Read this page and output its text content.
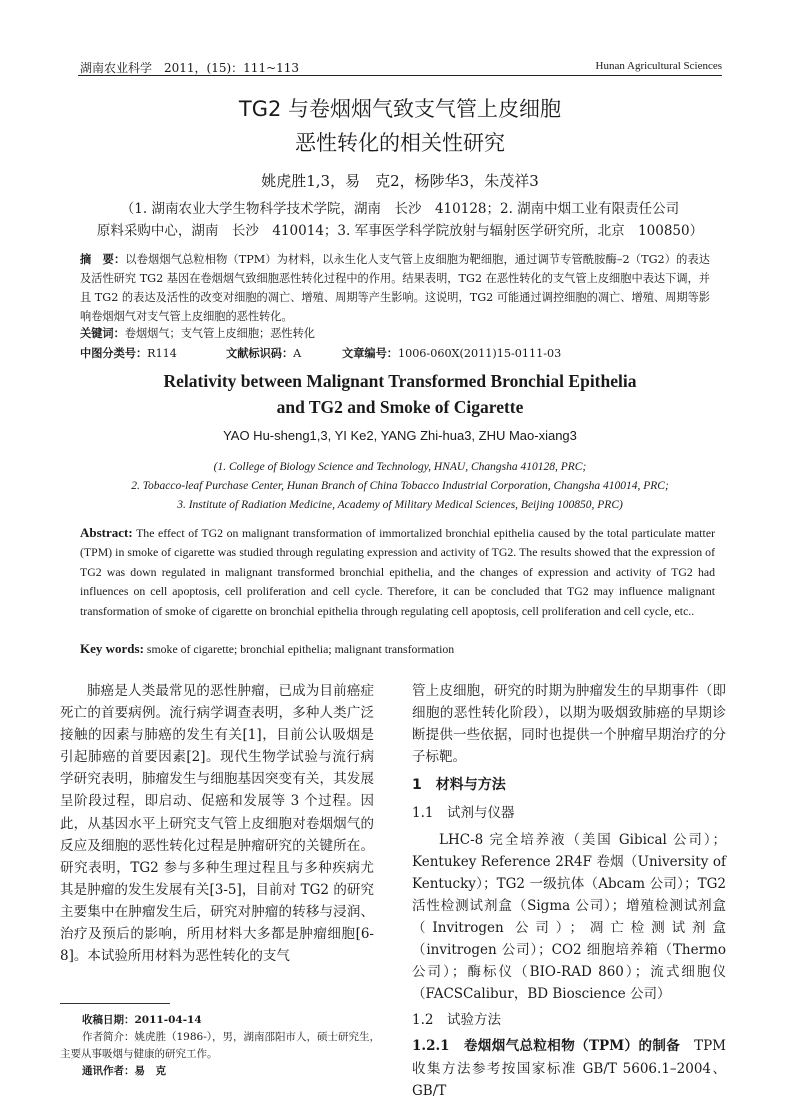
湖南农业科学　2011，(15)：111~113	Hunan Agricultural Sciences
TG2 与卷烟烟气致支气管上皮细胞
恶性转化的相关性研究
姚虎胜1,3，易　克2，杨陟华3，朱茂祥3
（1. 湖南农业大学生物科学技术学院，湖南　长沙　410128；2. 湖南中烟工业有限责任公司
原料采购中心，湖南　长沙　410014；3. 军事医学科学院放射与辐射医学研究所，北京　100850）
摘　要：以卷烟烟气总粒相物（TPM）为材料，以永生化人支气管上皮细胞为靶细胞，通过调节专管酰胺酶–2（TG2）的表达及活性研究 TG2 基因在卷烟烟气致细胞恶性转化过程中的作用。结果表明，TG2 在恶性转化的支气管上皮细胞中表达下调，并且 TG2 的表达及活性的改变对细胞的凋亡、增殖、周期等产生影响。这说明，TG2 可能通过调控细胞的凋亡、增殖、周期等影响卷烟烟气对支气管上皮细胞的恶性转化。
关键词：卷烟烟气；支气管上皮细胞；恶性转化
中图分类号：R114	文献标识码：A	文章编号：1006-060X(2011)15-0111-03
Relativity between Malignant Transformed Bronchial Epithelia
and TG2 and Smoke of Cigarette
YAO Hu-sheng1,3, YI Ke2, YANG Zhi-hua3, ZHU Mao-xiang3
(1. College of Biology Science and Technology, HNAU, Changsha 410128, PRC;
2. Tobacco-leaf Purchase Center, Hunan Branch of China Tobacco Industrial Corporation, Changsha 410014, PRC;
3. Institute of Radiation Medicine, Academy of Military Medical Sciences, Beijing 100850, PRC)
Abstract: The effect of TG2 on malignant transformation of immortalized bronchial epithelia caused by the total particulate matter (TPM) in smoke of cigarette was studied through regulating expression and activity of TG2. The results showed that the expression of TG2 was down regulated in malignant transformed bronchial epithelia, and the changes of expression and activity of TG2 had influences on cell apoptosis, cell proliferation and cell cycle. Therefore, it can be concluded that TG2 may influence malignant transformation of smoke of cigarette on bronchial epithelia through regulating cell apoptosis, cell proliferation and cell cycle, etc..
Key words: smoke of cigarette; bronchial epithelia; malignant transformation

肺癌是人类最常见的恶性肿瘤，已成为目前癌症死亡的首要病例。流行病学调查表明，多种人类广泛接触的因素与肺癌的发生有关[1]，目前公认吸烟是引起肺癌的首要因素[2]。现代生物学试验与流行病学研究表明，肺瘤发生与细胞基因突变有关，其发展呈阶段过程，即启动、促癌和发展等 3 个过程。因此，从基因水平上研究支气管上皮细胞对卷烟烟气的反应及细胞的恶性转化过程是肿瘤研究的关键所在。研究表明，TG2 参与多种生理过程且与多种疾病尤其是肿瘤的发生发展有关[3-5]，目前对 TG2 的研究主要集中在肿瘤发生后，研究对肿瘤的转移与浸润、治疗及预后的影响，所用材料大多都是肿瘤细胞[6-8]。本试验所用材料为恶性转化的支气

管上皮细胞，研究的时期为肿瘤发生的早期事件（即细胞的恶性转化阶段），以期为吸烟致肺癌的早期诊断提供一些依据，同时也提供一个肿瘤早期治疗的分子标靶。

1　材料与方法

1.1　试剂与仪器

LHC-8 完全培养液（美国 Gibical 公司）；Kentukey Reference 2R4F 卷烟（University of Kentucky）；TG2 一级抗体（Abcam 公司）；TG2 活性检测试剂盒（Sigma 公司）；增殖检测试剂盒（Invitrogen 公司）；凋亡检测试剂盒（invitrogen 公司）；CO2 细胞培养箱（Thermo 公司）；酶标仪（BIO-RAD 860）；流式细胞仪（FACSCalibur，BD Bioscience 公司）

1.2　试验方法

1.2.1　卷烟烟气总粒相物（TPM）的制备　 TPM 收集方法参考按国家标准 GB/T 5606.1–2004、GB/T

收稿日期：2011-04-14
作者简介：姚虎胜（1986-），男，湖南邵阳市人，硕士研究生，
主要从事吸烟与健康的研究工作。
通讯作者：易　克
